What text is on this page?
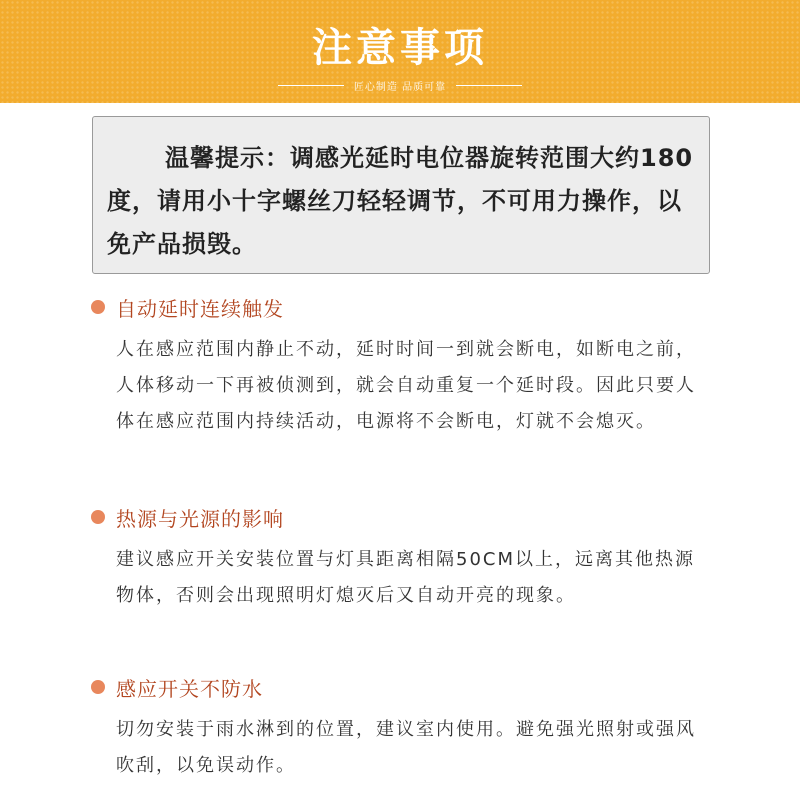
注意事项
匠心制造 品质可靠

温馨提示：调感光延时电位器旋转范围大约180度，请用小十字螺丝刀轻轻调节，不可用力操作，以免产品损毁。

自动延时连续触发

人在感应范围内静止不动，延时时间一到就会断电，如断电之前，人体移动一下再被侦测到，就会自动重复一个延时段。因此只要人体在感应范围内持续活动，电源将不会断电，灯就不会熄灭。

热源与光源的影响

建议感应开关安装位置与灯具距离相隔50CM以上，远离其他热源物体，否则会出现照明灯熄灭后又自动开亮的现象。

感应开关不防水

切勿安装于雨水淋到的位置，建议室内使用。避免强光照射或强风吹刮，以免误动作。
